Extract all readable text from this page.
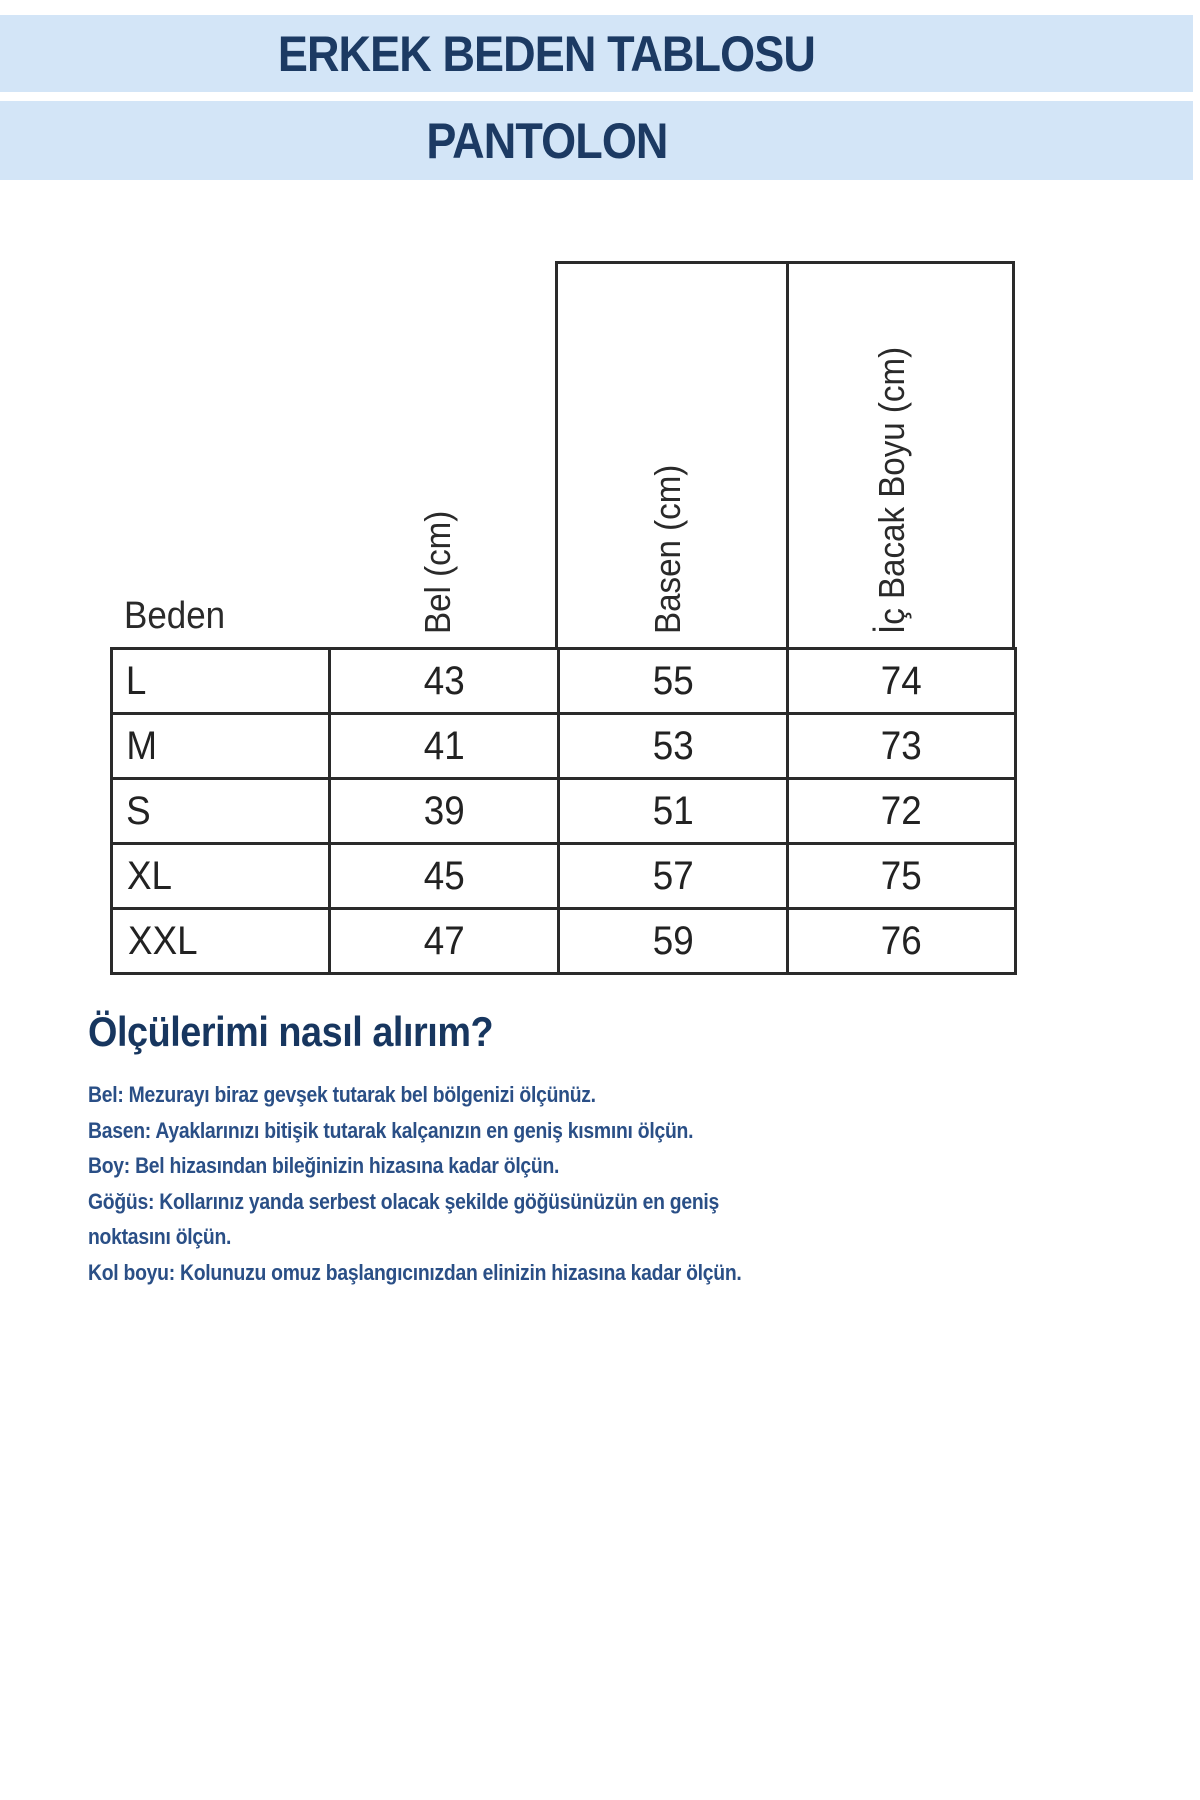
ERKEK BEDEN TABLOSU
PANTOLON
Beden	Bel (cm)	Basen (cm)	İç Bacak Boyu (cm)
L	43	55	74
M	41	53	73
S	39	51	72
XL	45	57	75
XXL	47	59	76
Ölçülerimi nasıl alırım?
Bel: Mezurayı biraz gevşek tutarak bel bölgenizi ölçünüz.
Basen: Ayaklarınızı bitişik tutarak kalçanızın en geniş kısmını ölçün.
Boy: Bel hizasından bileğinizin hizasına kadar ölçün.
Göğüs: Kollarınız yanda serbest olacak şekilde göğüsünüzün en geniş
noktasını ölçün.
Kol boyu: Kolunuzu omuz başlangıcınızdan elinizin hizasına kadar ölçün.
